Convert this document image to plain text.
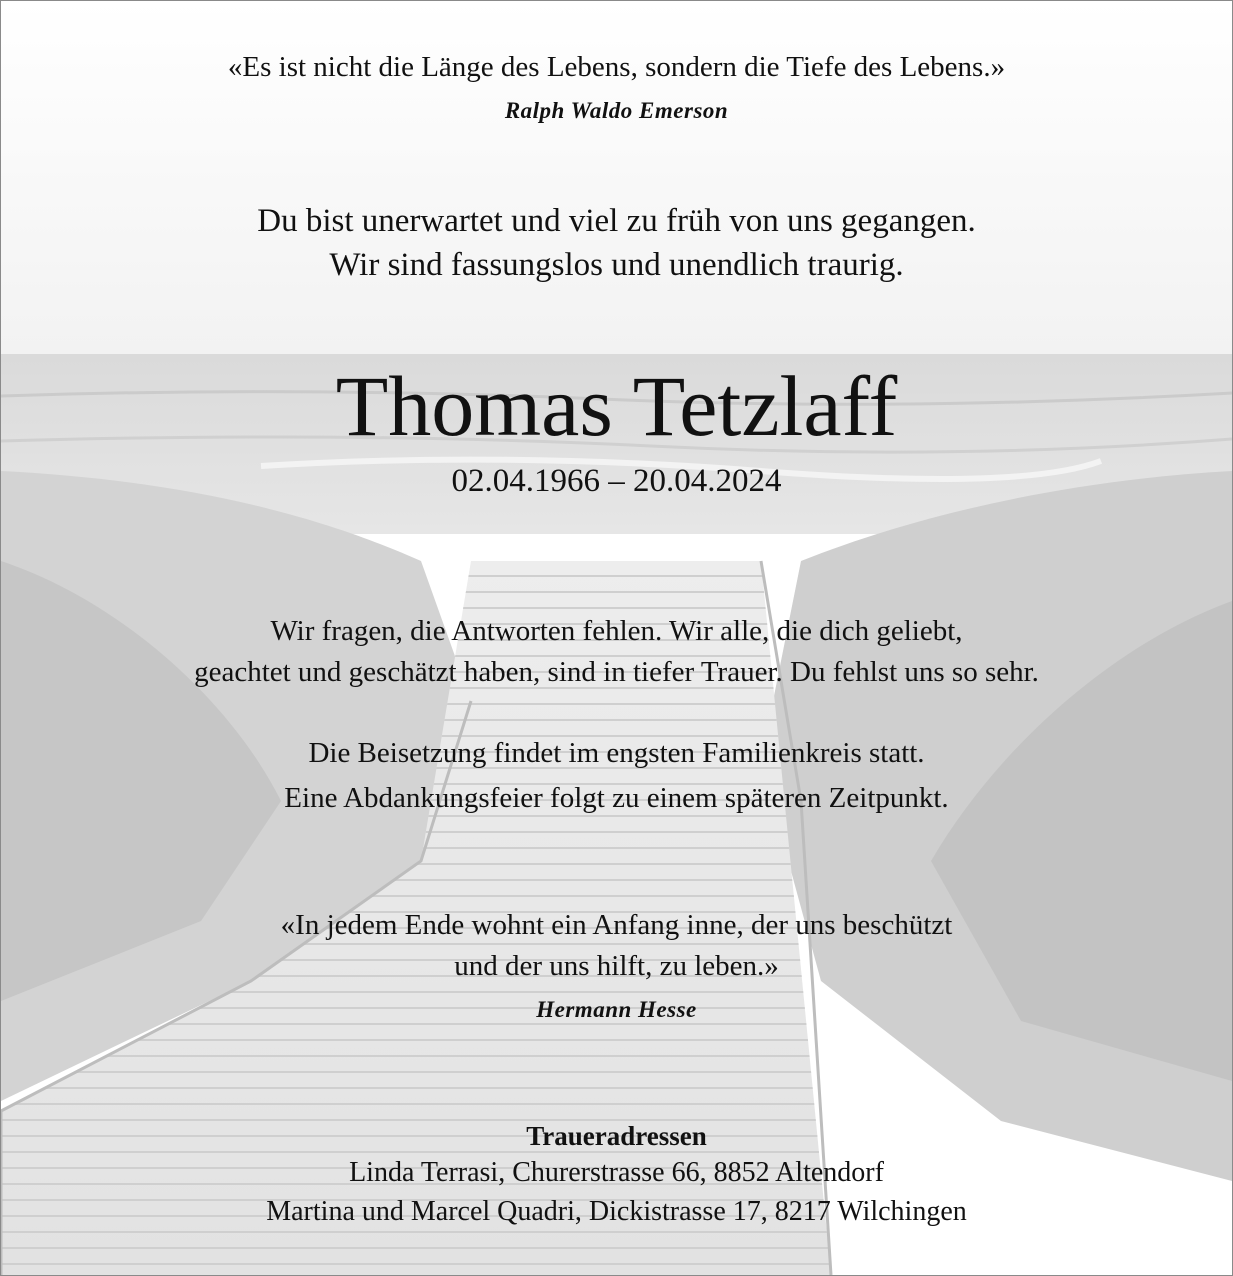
«Es ist nicht die Länge des Lebens, sondern die Tiefe des Lebens.»

Ralph Waldo Emerson

Du bist unerwartet und viel zu früh von uns gegangen.

Wir sind fassungslos und unendlich traurig.

Thomas Tetzlaff

02.04.1966 – 20.04.2024

Wir fragen, die Antworten fehlen. Wir alle, die dich geliebt,

geachtet und geschätzt haben, sind in tiefer Trauer. Du fehlst uns so sehr.

Die Beisetzung findet im engsten Familienkreis statt.

Eine Abdankungsfeier folgt zu einem späteren Zeitpunkt.

«In jedem Ende wohnt ein Anfang inne, der uns beschützt

und der uns hilft, zu leben.»

Hermann Hesse

Traueradressen

Linda Terrasi, Churerstrasse 66, 8852 Altendorf

Martina und Marcel Quadri, Dickistrasse 17, 8217 Wilchingen
